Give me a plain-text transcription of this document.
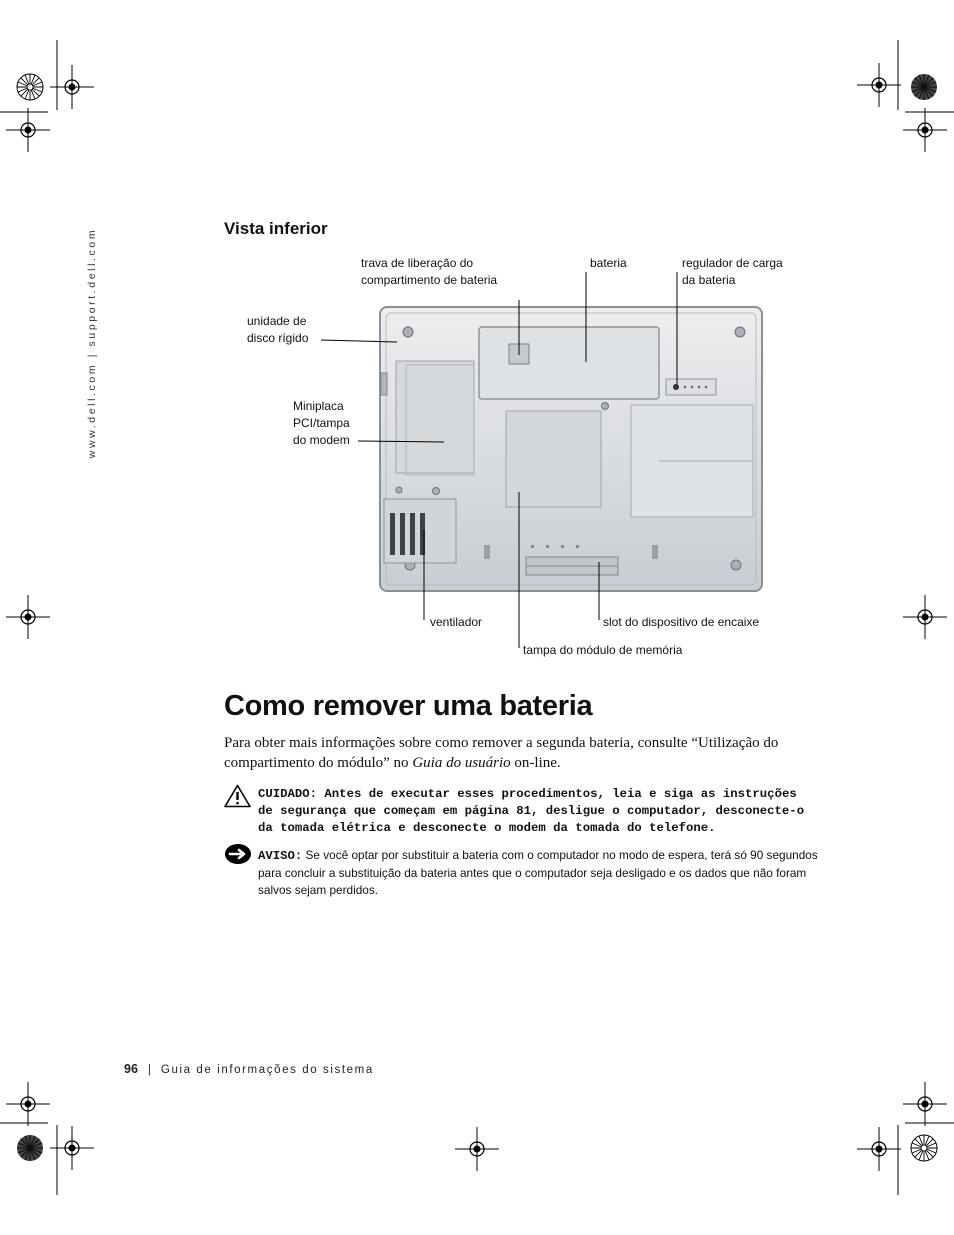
www.dell.com | support.dell.com	Vista inferior
trava de liberação do
compartimento de bateria
bateria	regulador de carga
da bateria
unidade de
disco rígido
Miniplaca
PCI/tampa
do modem
ventilador	slot do dispositivo de encaixe
tampa do módulo de memória
Como remover uma bateria
Para obter mais informações sobre como remover a segunda bateria, consulte “Utilização do compartimento do módulo” no Guia do usuário on-line.
CUIDADO: Antes de executar esses procedimentos, leia e siga as instruções de segurança que começam em página 81, desligue o computador, desconecte-o da tomada elétrica e desconecte o modem da tomada do telefone.
AVISO: Se você optar por substituir a bateria com o computador no modo de espera, terá só 90 segundos para concluir a substituição da bateria antes que o computador seja desligado e os dados que não foram salvos sejam perdidos.
96 | Guia de informações do sistema
